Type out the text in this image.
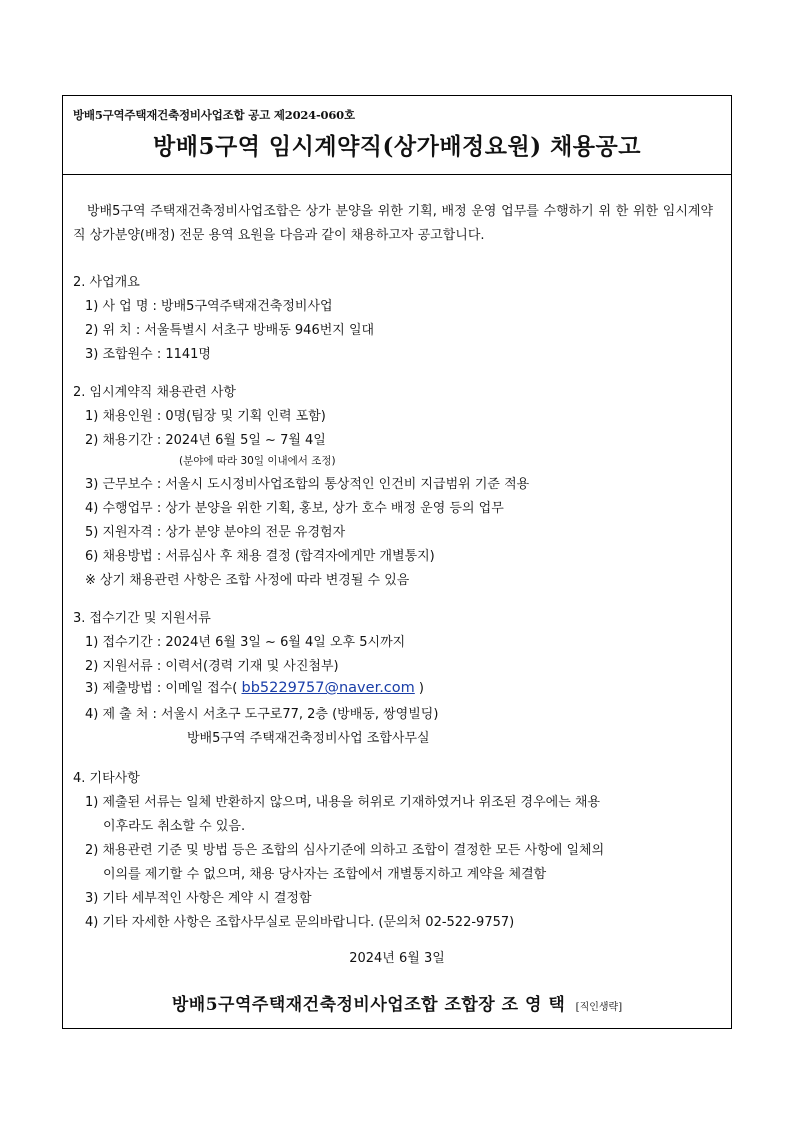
방배5구역주택재건축정비사업조합 공고 제2024-060호
방배5구역 임시계약직(상가배정요원) 채용공고
방배5구역 주택재건축정비사업조합은 상가 분양을 위한 기획, 배정 운영 업무를 수행하기 위 한 위한 임시계약직 상가분양(배정) 전문 용역 요원을 다음과 같이 채용하고자 공고합니다.
2. 사업개요
1) 사 업 명 : 방배5구역주택재건축정비사업
2) 위 치 : 서울특별시 서초구 방배동 946번지 일대
3) 조합원수 : 1141명
2. 임시계약직 채용관련 사항
1) 채용인원 : 0명(팀장 및 기획 인력 포함)
2) 채용기간 : 2024년 6월 5일 ~ 7월 4일
(분야에 따라 30일 이내에서 조정)
3) 근무보수 : 서울시 도시정비사업조합의 통상적인 인건비 지급범위 기준 적용
4) 수행업무 : 상가 분양을 위한 기획, 홍보, 상가 호수 배정 운영 등의 업무
5) 지원자격 : 상가 분양 분야의 전문 유경험자
6) 채용방법 : 서류심사 후 채용 결정 (합격자에게만 개별통지)
※ 상기 채용관련 사항은 조합 사정에 따라 변경될 수 있음
3. 접수기간 및 지원서류
1) 접수기간 : 2024년 6월 3일 ~ 6월 4일 오후 5시까지
2) 지원서류 : 이력서(경력 기재 및 사진첨부)
3) 제출방법 : 이메일 접수( bb5229757@naver.com )
4) 제 출 처 : 서울시 서초구 도구로77, 2층 (방배동, 쌍영빌딩)
방배5구역 주택재건축정비사업 조합사무실
4. 기타사항
1) 제출된 서류는 일체 반환하지 않으며, 내용을 허위로 기재하였거나 위조된 경우에는 채용
이후라도 취소할 수 있음.
2) 채용관련 기준 및 방법 등은 조합의 심사기준에 의하고 조합이 결정한 모든 사항에 일체의
이의를 제기할 수 없으며, 채용 당사자는 조합에서 개별통지하고 계약을 체결함
3) 기타 세부적인 사항은 계약 시 결정함
4) 기타 자세한 사항은 조합사무실로 문의바랍니다. (문의처 02-522-9757)
2024년 6월 3일
방배5구역주택재건축정비사업조합 조합장 조 영 택 [직인생략]
